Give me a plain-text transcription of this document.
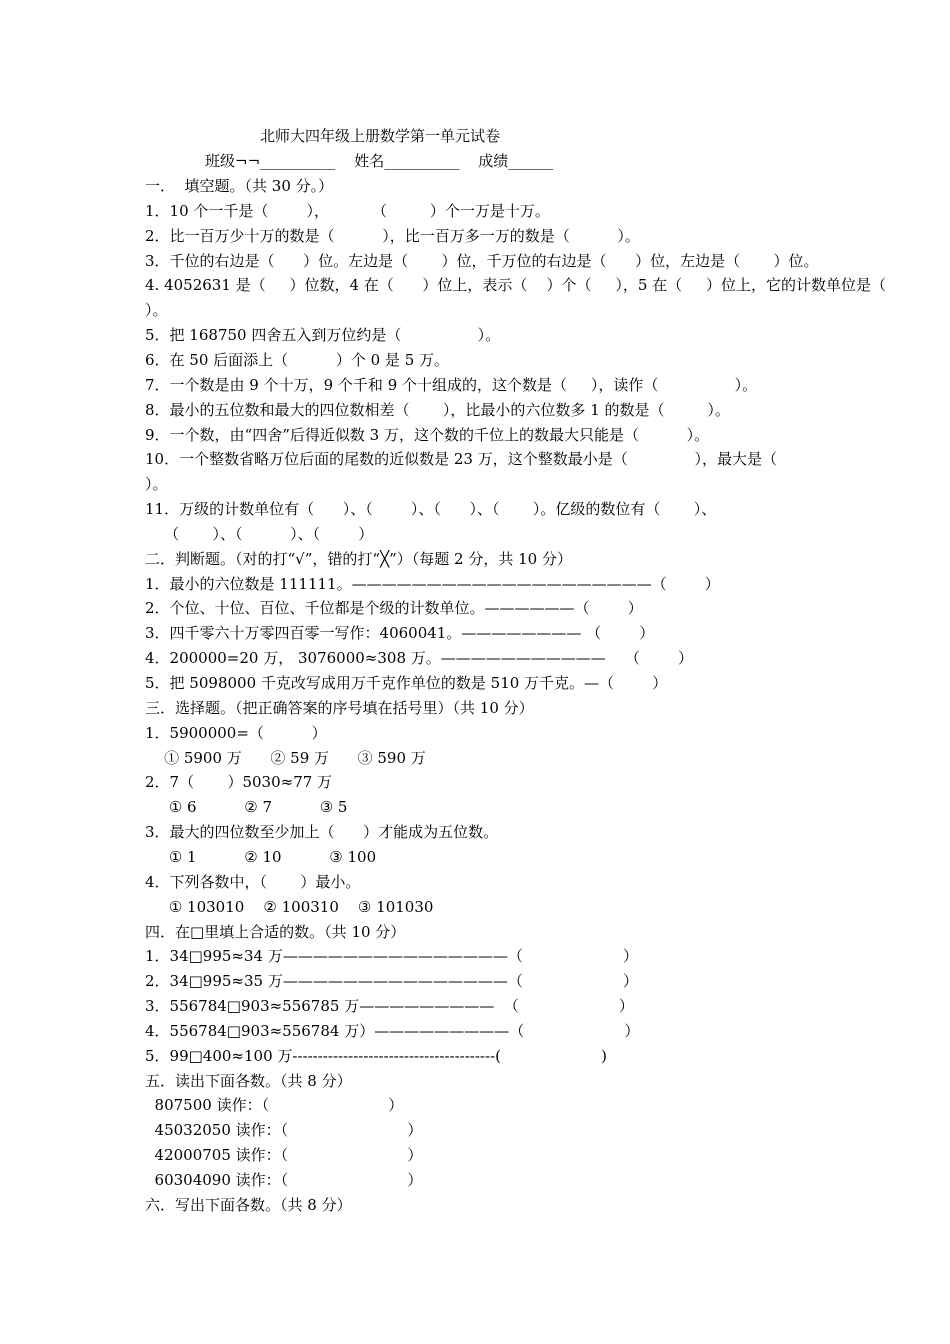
北师大四年级上册数学第一单元试卷
班级¬¬__________    姓名__________    成绩______
一．  填空题。（共 30 分。）
1．10 个一千是（        ），         （         ）个一万是十万。
2．比一百万少十万的数是（          ），比一百万多一万的数是（          ）。
3．千位的右边是（      ）位。左边是（       ）位，千万位的右边是（      ）位，左边是（       ）位。
4. 4052631 是（     ）位数，4 在（      ）位上，表示（    ）个（     ），5 在（     ）位上，它的计数单位是（
）。
5．把 168750 四舍五入到万位约是（                ）。
6．在 50 后面添上（          ）个 0 是 5 万。
7．一个数是由 9 个十万，9 个千和 9 个十组成的，这个数是（     ），读作（                ）。
8．最小的五位数和最大的四位数相差（       ），比最小的六位数多 1 的数是（         ）。
9．一个数，由“四舍”后得近似数 3 万，这个数的千位上的数最大只能是（          ）。
10．一个整数省略万位后面的尾数的近似数是 23 万，这个整数最小是（              ），最大是（
）。
11．万级的计数单位有（      ）、（        ）、（      ）、（       ）。亿级的数位有（       ）、
（       ）、（          ）、（        ）
二．判断题。（对的打“√”，错的打“╳”）（每题 2 分，共 10 分）
1．最小的六位数是 111111。————————————————————（        ）
2．个位、十位、百位、千位都是个级的计数单位。——————（        ）
3．四千零六十万零四百零一写作：4060041。———————— （        ）
4．200000=20 万， 3076000≈308 万。———————————    （        ）
5．把 5098000 千克改写成用万千克作单位的数是 510 万千克。—（        ）
三．选择题。（把正确答案的序号填在括号里）（共 10 分）
1．5900000=（          ）
① 5900 万      ② 59 万      ③ 590 万
2．7（       ）5030≈77 万
① 6          ② 7          ③ 5
3．最大的四位数至少加上（      ）才能成为五位数。
① 1          ② 10          ③ 100
4．下列各数中，（       ）最小。
① 103010    ② 100310    ③ 101030
四．在□里填上合适的数。（共 10 分）
1．34□995≈34 万———————————————（                     ）
2．34□995≈35 万———————————————（                     ）
3．556784□903≈556785 万—————————  （                     ）
4．556784□903≈556784 万）—————————（                     ）
5．99□400≈100 万----------------------------------------(                     )
五．读出下面各数。（共 8 分）
807500 读作：（                         ）
45032050 读作：（                         ）
42000705 读作：（                         ）
60304090 读作：（                         ）
六．写出下面各数。（共 8 分）
